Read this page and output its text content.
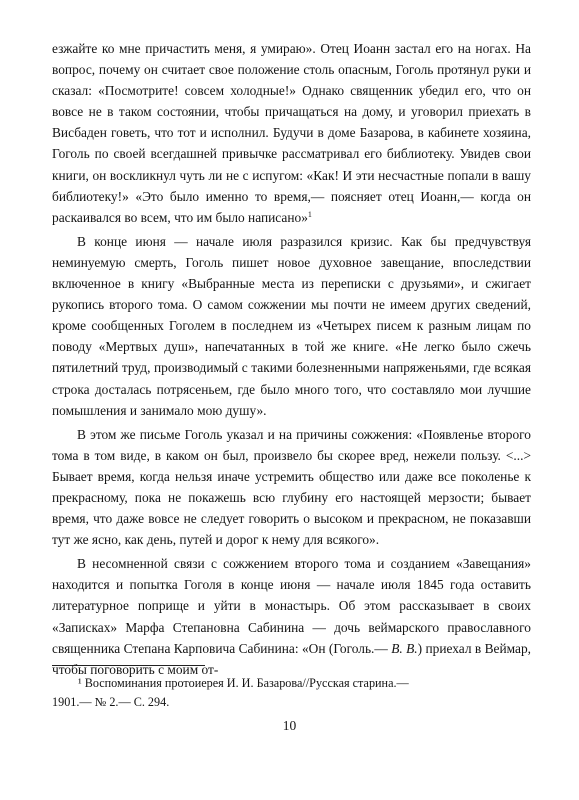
езжайте ко мне причастить меня, я умираю». Отец Иоанн застал его на ногах. На вопрос, почему он считает свое положение столь опасным, Гоголь протянул руки и сказал: «Посмотрите! совсем холодные!» Однако священник убедил его, что он вовсе не в таком состоянии, чтобы причащаться на дому, и уговорил приехать в Висбаден говеть, что тот и исполнил. Будучи в доме Базарова, в кабинете хозяина, Гоголь по своей всегдашней привычке рассматривал его библиотеку. Увидев свои книги, он воскликнул чуть ли не с испугом: «Как! И эти несчастные попали в вашу библиотеку!» «Это было именно то время,— поясняет отец Иоанн,— когда он раскаивался во всем, что им было написано»$^1$

В конце июня — начале июля разразился кризис. Как бы предчувствуя неминуемую смерть, Гоголь пишет новое духовное завещание, впоследствии включенное в книгу «Выбранные места из переписки с друзьями», и сжигает рукопись второго тома. О самом сожжении мы почти не имеем других сведений, кроме сообщенных Гоголем в последнем из «Четырех писем к разным лицам по поводу «Мертвых душ», напечатанных в той же книге. «Не легко было сжечь пятилетний труд, производимый с такими болезненными напряженьями, где всякая строка досталась потрясеньем, где было много того, что составляло мои лучшие помышления и занимало мою душу».

В этом же письме Гоголь указал и на причины сожжения: «Появленье второго тома в том виде, в каком он был, произвело бы скорее вред, нежели пользу. <...> Бывает время, когда нельзя иначе устремить общество или даже все поколенье к прекрасному, пока не покажешь всю глубину его настоящей мерзости; бывает время, что даже вовсе не следует говорить о высоком и прекрасном, не показавши тут же ясно, как день, путей и дорог к нему для всякого».

В несомненной связи с сожжением второго тома и созданием «Завещания» находится и попытка Гоголя в конце июня — начале июля 1845 года оставить литературное поприще и уйти в монастырь. Об этом рассказывает в своих «Записках» Марфа Степановна Сабинина — дочь веймарского православного священника Степана Карповича Сабинина: «Он (Гоголь.— В. В.) приехал в Веймар, чтобы поговорить с моим от-

¹ Воспоминания протоиерея И. И. Базарова//Русская старина.—
1901.— № 2.— С. 294.

10
